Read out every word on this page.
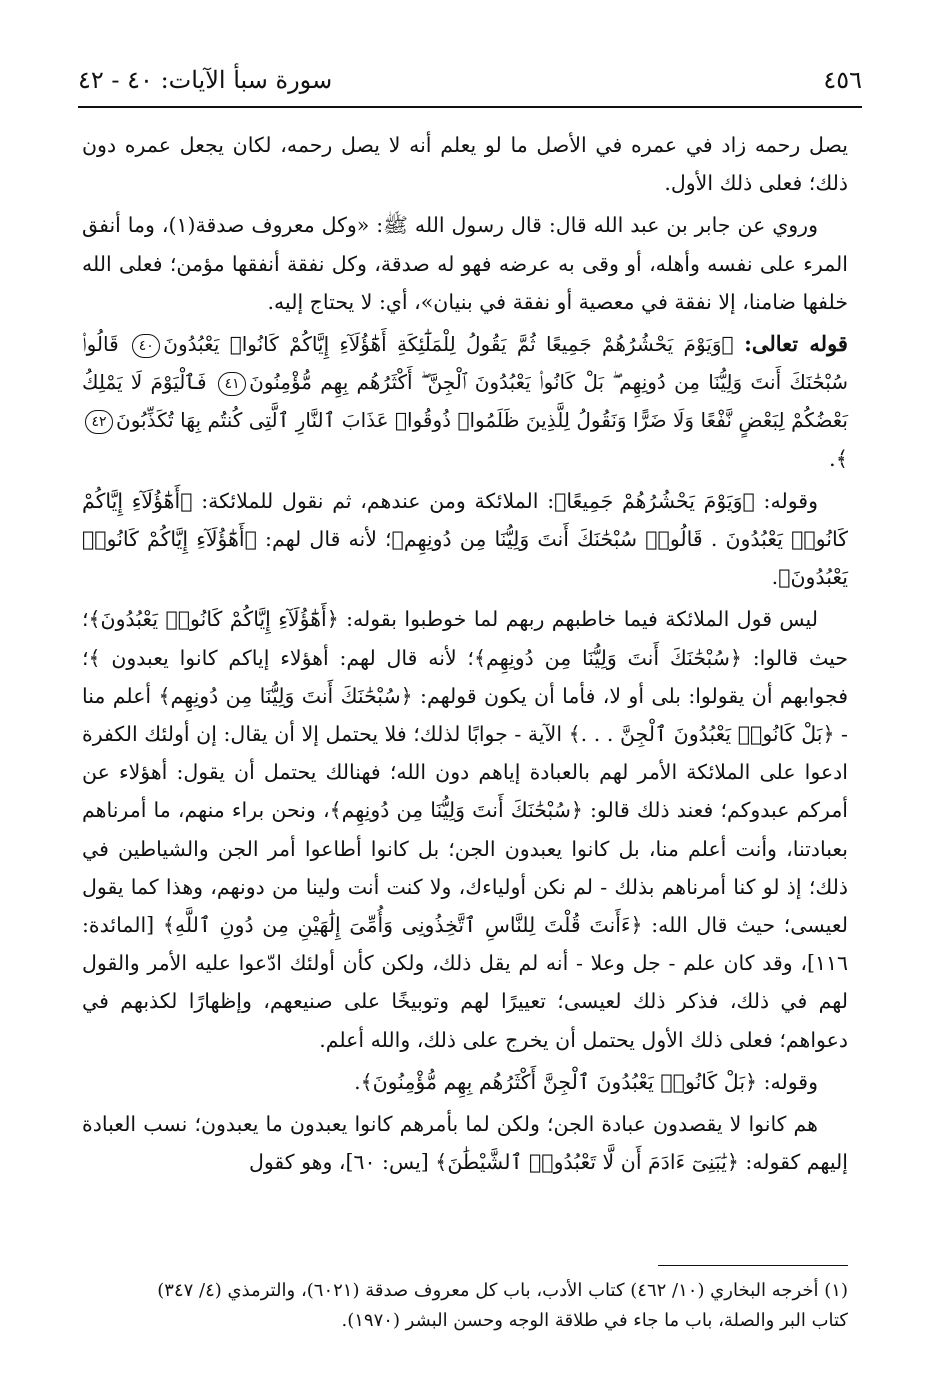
٤٥٦
سورة سبأ الآيات: ٤٠ - ٤٢

يصل رحمه زاد في عمره في الأصل ما لو يعلم أنه لا يصل رحمه، لكان يجعل عمره دون ذلك؛ فعلى ذلك الأول.

وروي عن جابر بن عبد الله قال: قال رسول الله ﷺ: «وكل معروف صدقة(١)، وما أنفق المرء على نفسه وأهله، أو وقى به عرضه فهو له صدقة، وكل نفقة أنفقها مؤمن؛ فعلى الله خلفها ضامنا، إلا نفقة في معصية أو نفقة في بنيان»، أي: لا يحتاج إليه.

قوله تعالى: ﴿وَيَوْمَ يَحْشُرُهُمْ جَمِيعًا ثُمَّ يَقُولُ لِلْمَلَٰٓئِكَةِ أَهَٰٓؤُلَآءِ إِيَّاكُمْ كَانُوا۟ يَعْبُدُونَ٤٠ قَالُوا۟ سُبْحَٰنَكَ أَنتَ وَلِيُّنَا مِن دُونِهِم ۖ بَلْ كَانُوا۟ يَعْبُدُونَ ٱلْجِنَّ ۖ أَكْثَرُهُم بِهِم مُّؤْمِنُونَ٤١ فَٱلْيَوْمَ لَا يَمْلِكُ بَعْضُكُمْ لِبَعْضٍ نَّفْعًا وَلَا ضَرًّا وَنَقُولُ لِلَّذِينَ ظَلَمُوا۟ ذُوقُوا۟ عَذَابَ ٱلنَّارِ ٱلَّتِى كُنتُم بِهَا تُكَذِّبُونَ٤٢﴾.

وقوله: ﴿وَيَوْمَ يَحْشُرُهُمْ جَمِيعًا﴾: الملائكة ومن عندهم، ثم نقول للملائكة: ﴿أَهَٰٓؤُلَآءِ إِيَّاكُمْ كَانُوا۟ يَعْبُدُونَ . قَالُوا۟ سُبْحَٰنَكَ أَنتَ وَلِيُّنَا مِن دُونِهِم﴾؛ لأنه قال لهم: ﴿أَهَٰٓؤُلَآءِ إِيَّاكُمْ كَانُوا۟ يَعْبُدُونَ﴾.

ليس قول الملائكة فيما خاطبهم ربهم لما خوطبوا بقوله: ﴿أَهَٰٓؤُلَآءِ إِيَّاكُمْ كَانُوا۟ يَعْبُدُونَ﴾؛ حيث قالوا: ﴿سُبْحَٰنَكَ أَنتَ وَلِيُّنَا مِن دُونِهِم﴾؛ لأنه قال لهم: أهؤلاء إياكم كانوا يعبدون ﴾؛ فجوابهم أن يقولوا: بلى أو لا، فأما أن يكون قولهم: ﴿سُبْحَٰنَكَ أَنتَ وَلِيُّنَا مِن دُونِهِم﴾ أعلم منا - ﴿بَلْ كَانُوا۟ يَعْبُدُونَ ٱلْجِنَّ . . .﴾ الآية - جوابًا لذلك؛ فلا يحتمل إلا أن يقال: إن أولئك الكفرة ادعوا على الملائكة الأمر لهم بالعبادة إياهم دون الله؛ فهنالك يحتمل أن يقول: أهؤلاء عن أمركم عبدوكم؛ فعند ذلك قالو: ﴿سُبْحَٰنَكَ أَنتَ وَلِيُّنَا مِن دُونِهِم﴾، ونحن براء منهم، ما أمرناهم بعبادتنا، وأنت أعلم منا، بل كانوا يعبدون الجن؛ بل كانوا أطاعوا أمر الجن والشياطين في ذلك؛ إذ لو كنا أمرناهم بذلك - لم نكن أولياءك، ولا كنت أنت ولينا من دونهم، وهذا كما يقول لعيسى؛ حيث قال الله: ﴿ءَأَنتَ قُلْتَ لِلنَّاسِ ٱتَّخِذُونِى وَأُمِّىَ إِلَٰهَيْنِ مِن دُونِ ٱللَّهِ﴾ [المائدة: ١١٦]، وقد كان علم - جل وعلا - أنه لم يقل ذلك، ولكن كأن أولئك ادّعوا عليه الأمر والقول لهم في ذلك، فذكر ذلك لعيسى؛ تعييرًا لهم وتوبيخًا على صنيعهم، وإظهارًا لكذبهم في دعواهم؛ فعلى ذلك الأول يحتمل أن يخرج على ذلك، والله أعلم.

وقوله: ﴿بَلْ كَانُوا۟ يَعْبُدُونَ ٱلْجِنَّ أَكْثَرُهُم بِهِم مُّؤْمِنُونَ﴾.

هم كانوا لا يقصدون عبادة الجن؛ ولكن لما بأمرهم كانوا يعبدون ما يعبدون؛ نسب العبادة إليهم كقوله: ﴿يَٰبَنِىٓ ءَادَمَ أَن لَّا تَعْبُدُوا۟ ٱلشَّيْطَٰنَ﴾ [يس: ٦٠]، وهو كقول

(١) أخرجه البخاري (١٠/ ٤٦٢) كتاب الأدب، باب كل معروف صدقة (٦٠٢١)، والترمذي (٤/ ٣٤٧)

كتاب البر والصلة، باب ما جاء في طلاقة الوجه وحسن البشر (١٩٧٠).
